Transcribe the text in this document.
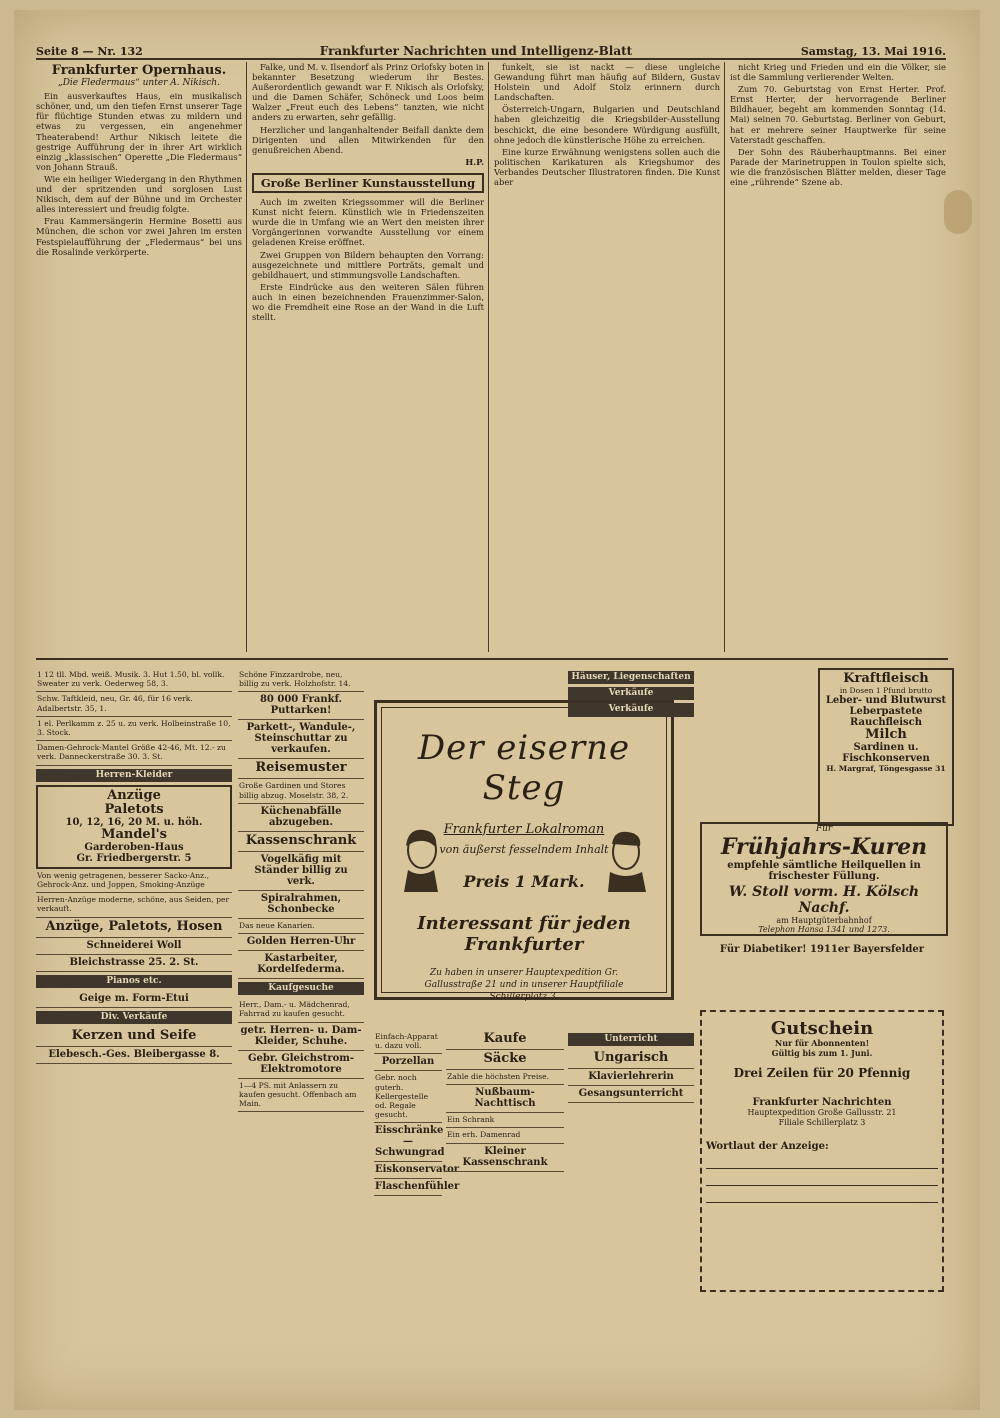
Seite 8 — Nr. 132	Frankfurter Nachrichten und Intelligenz-Blatt	Samstag, 13. Mai 1916.
Frankfurter Opernhaus.
„Die Fledermaus“ unter A. Nikisch.

Ein ausverkauftes Haus, ein musikalisch schöner, und, um den tiefen Ernst unserer Tage für flüchtige Stunden etwas zu mildern und etwas zu vergessen, ein angenehmer Theaterabend! Arthur Nikisch leitete die gestrige Aufführung der in ihrer Art wirklich einzig „klassischen“ Operette „Die Fledermaus“ von Johann Strauß.

Wie ein heiliger Wiedergang in den Rhythmen und der spritzenden und sorglosen Lust Nikisch, dem auf der Bühne und im Orchester alles interessiert und freudig folgte.

Frau Kammersängerin Hermine Bosetti aus München, die schon vor zwei Jahren im ersten Festspielaufführung der „Fledermaus“ bei uns die Rosalinde verkörperte.

Falke, und M. v. Ilsendorf als Prinz Orlofsky boten in bekannter Besetzung wiederum ihr Bestes. Außerordentlich gewandt war F. Nikisch als Orlofsky, und die Damen Schäfer, Schöneck und Loos beim Walzer „Freut euch des Lebens“ tanzten, wie nicht anders zu erwarten, sehr gefällig.

Herzlicher und langanhaltender Beifall dankte dem Dirigenten und allen Mitwirkenden für den genußreichen Abend.

H.P.
Große Berliner Kunstausstellung

Auch im zweiten Kriegssommer will die Berliner Kunst nicht feiern. Künstlich wie in Friedenszeiten wurde die in Umfang wie an Wert den meisten ihrer Vorgängerinnen vorwandte Ausstellung vor einem geladenen Kreise eröffnet.

Zwei Gruppen von Bildern behaupten den Vorrang: ausgezeichnete und mittlere Porträts, gemalt und gebildhauert, und stimmungsvolle Landschaften.

Erste Eindrücke aus den weiteren Sälen führen auch in einen bezeichnenden Frauenzimmer-Salon, wo die Fremdheit eine Rose an der Wand in die Luft stellt.

funkelt, sie ist nackt — diese ungleiche Gewandung führt man häufig auf Bildern, Gustav Holstein und Adolf Stolz erinnern durch Landschaften.

Österreich-Ungarn, Bulgarien und Deutschland haben gleichzeitig die Kriegsbilder-Ausstellung beschickt, die eine besondere Würdigung ausfüllt, ohne jedoch die künstlerische Höhe zu erreichen.

Eine kurze Erwähnung wenigstens sollen auch die politischen Karikaturen als Kriegshumor des Verbandes Deutscher Illustratoren finden. Die Kunst aber

nicht Krieg und Frieden und ein die Völker, sie ist die Sammlung verlierender Welten.

Zum 70. Geburtstag von Ernst Herter. Prof. Ernst Herter, der hervorragende Berliner Bildhauer, begeht am kommenden Sonntag (14. Mai) seinen 70. Geburtstag. Berliner von Geburt, hat er mehrere seiner Hauptwerke für seine Vaterstadt geschaffen.

Der Sohn des Räuberhauptmanns. Bei einer Parade der Marinetruppen in Toulon spielte sich, wie die französischen Blätter melden, dieser Tage eine „rührende“ Szene ab.

1 12 tll. Mbd. weiß. Musik. 3. Hut 1.50, bl. vollk. Sweater zu verk. Oederweg 58, 3.
Schw. Taftkleid, neu, Gr. 46, für 16 verk. Adalbertstr. 35, 1.
1 el. Perlkamm z. 25 u. zu verk. Holbeinstraße 10, 3. Stock.
Damen-Gehrock-Mantel Größe 42-46, Mt. 12.- zu verk. Danneckerstraße 30. 3. St.
Herren-Kleider
Anzüge
Paletots
10, 12, 16, 20 M. u. höh.
Mandel's
Garderoben-Haus
Gr. Friedbergerstr. 5
Von wenig getragenen, besserer Sacko-Anz., Gehrock-Anz. und Joppen, Smoking-Anzüge
Herren-Anzüge moderne, schöne, aus Seiden, per verkauft.
Anzüge, Paletots, Hosen
Schneiderei Woll
Bleichstrasse 25. 2. St.
Pianos etc.
Geige m. Form-Etui
Div. Verkäufe
Kerzen und Seife
Elebesch.-Ges. Bleibergasse 8.
Schöne Finzzardrobe, neu, billig zu verk. Holzhofstr. 14.
80 000 Frankf. Puttarken!
Parkett-, Wandule-, Steinschuttar zu verkaufen.
Reisemuster
Große Gardinen und Stores billig abzug. Moselstr. 38, 2.
Küchenabfälle abzugeben.
Kassenschrank
Vogelkäfig mit Ständer billig zu verk.
Spiralrahmen, Schonbecke
Das neue Kanarien.
Golden Herren-Uhr
Kastarbeiter, Kordelfederma.
Kaufgesuche
Herr., Dam.- u. Mädchenrad, Fahrrad zu kaufen gesucht.
getr. Herren- u. Dam-Kleider, Schuhe.
Gebr. Gleichstrom-Elektromotore
1—4 PS. mit Anlassern zu kaufen gesucht. Offenbach am Main.
Der eiserne Steg
Frankfurter Lokalroman
von äußerst fesselndem Inhalt
Preis 1 Mark.
Interessant für jeden Frankfurter
Zu haben in unserer Hauptexpedition Gr. Gallusstraße 21 und in unserer Hauptfiliale Schillerplatz 3.
Einfach-Apparat u. dazu voll.
Porzellan
Gebr. noch guterh. Kellergestelle od. Regale gesucht.
Eisschränke — Schwungrad
Eiskonservator
Flaschenfühler
Kaufe
Säcke
Zahle die höchsten Preise.
Nußbaum-Nachttisch
Ein Schrank
Ein erh. Damenrad
Kleiner Kassenschrank
Häuser, Liegenschaften
Verkäufe
Verkäufe
Unterricht
Ungarisch
Klavierlehrerin
Gesangsunterricht
Kraftfleisch
in Dosen 1 Pfund brutto
Leber- und Blutwurst
Leberpastete
Rauchfleisch
Milch
Sardinen u. Fischkonserven
H. Margraf, Töngesgasse 31
Für
Frühjahrs-Kuren
empfehle sämtliche Heilquellen in frischester Füllung.
W. Stoll vorm. H. Kölsch Nachf.
am Hauptgüterbahnhof
Telephon Hansa 1341 und 1273.
Für Diabetiker! 1911er Bayersfelder
Gutschein
Nur für Abonnenten!
Gültig bis zum 1. Juni.
Drei Zeilen für 20 Pfennig
Frankfurter Nachrichten
Hauptexpedition Große Gallusstr. 21
Filiale Schillerplatz 3
Wortlaut der Anzeige:
